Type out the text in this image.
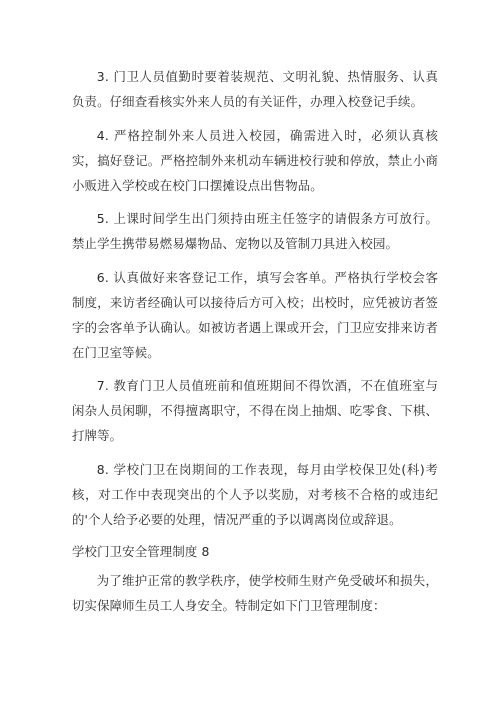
3. 门卫人员值勤时要着装规范、文明礼貌、热情服务、认真负责。仔细查看核实外来人员的有关证件，办理入校登记手续。

4. 严格控制外来人员进入校园，确需进入时，必须认真核实，搞好登记。严格控制外来机动车辆进校行驶和停放，禁止小商小贩进入学校或在校门口摆摊设点出售物品。

5. 上课时间学生出门须持由班主任签字的请假条方可放行。禁止学生携带易燃易爆物品、宠物以及管制刀具进入校园。

6. 认真做好来客登记工作，填写会客单。严格执行学校会客制度，来访者经确认可以接待后方可入校；出校时，应凭被访者签字的会客单予认确认。如被访者遇上课或开会，门卫应安排来访者在门卫室等候。

7. 教育门卫人员值班前和值班期间不得饮酒，不在值班室与闲杂人员闲聊，不得擅离职守，不得在岗上抽烟、吃零食、下棋、打牌等。

8. 学校门卫在岗期间的工作表现，每月由学校保卫处(科)考核，对工作中表现突出的个人予以奖励，对考核不合格的或违纪的'个人给予必要的处理，情况严重的予以调离岗位或辞退。

学校门卫安全管理制度 8

为了维护正常的教学秩序，使学校师生财产免受破坏和损失，切实保障师生员工人身安全。特制定如下门卫管理制度：
